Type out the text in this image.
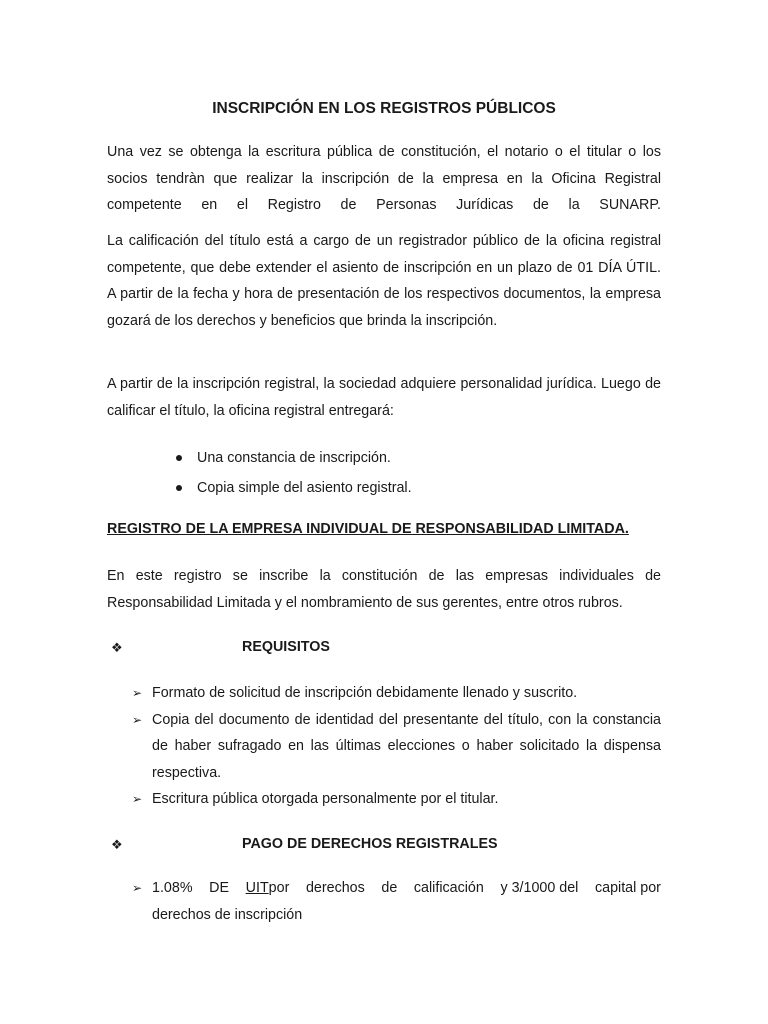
INSCRIPCIÓN EN LOS REGISTROS PÚBLICOS

Una vez se obtenga la escritura pública de constitución, el notario o el titular o los socios tendràn que realizar la inscripción de la empresa en la Oficina Registral competente en el Registro de Personas Jurídicas de la SUNARP.

La calificación del título está a cargo de un registrador público de la oficina registral competente, que debe extender el asiento de inscripción en un plazo de 01 DÍA ÚTIL. A partir de la fecha y hora de presentación de los respectivos documentos, la empresa gozará de los derechos y beneficios que brinda la inscripción.

A partir de la inscripción registral, la sociedad adquiere personalidad jurídica. Luego de calificar el título, la oficina registral entregará:

Una constancia de inscripción.
Copia simple del asiento registral.

REGISTRO DE LA EMPRESA INDIVIDUAL DE RESPONSABILIDAD LIMITADA.

En este registro se inscribe la constitución de las empresas individuales de Responsabilidad Limitada y el nombramiento de sus gerentes, entre otros rubros.

❖	REQUISITOS
➢ Formato de solicitud de inscripción debidamente llenado y suscrito.
➢ Copia del documento de identidad del presentante del título, con la constancia de haber sufragado en las últimas elecciones o haber solicitado la dispensa respectiva.
➢ Escritura pública otorgada personalmente por el titular.
❖	PAGO DE DERECHOS REGISTRALES
➢ 1.08% DE UITpor derechos de calificación y 3/1000 del capital por
derechos de inscripción
